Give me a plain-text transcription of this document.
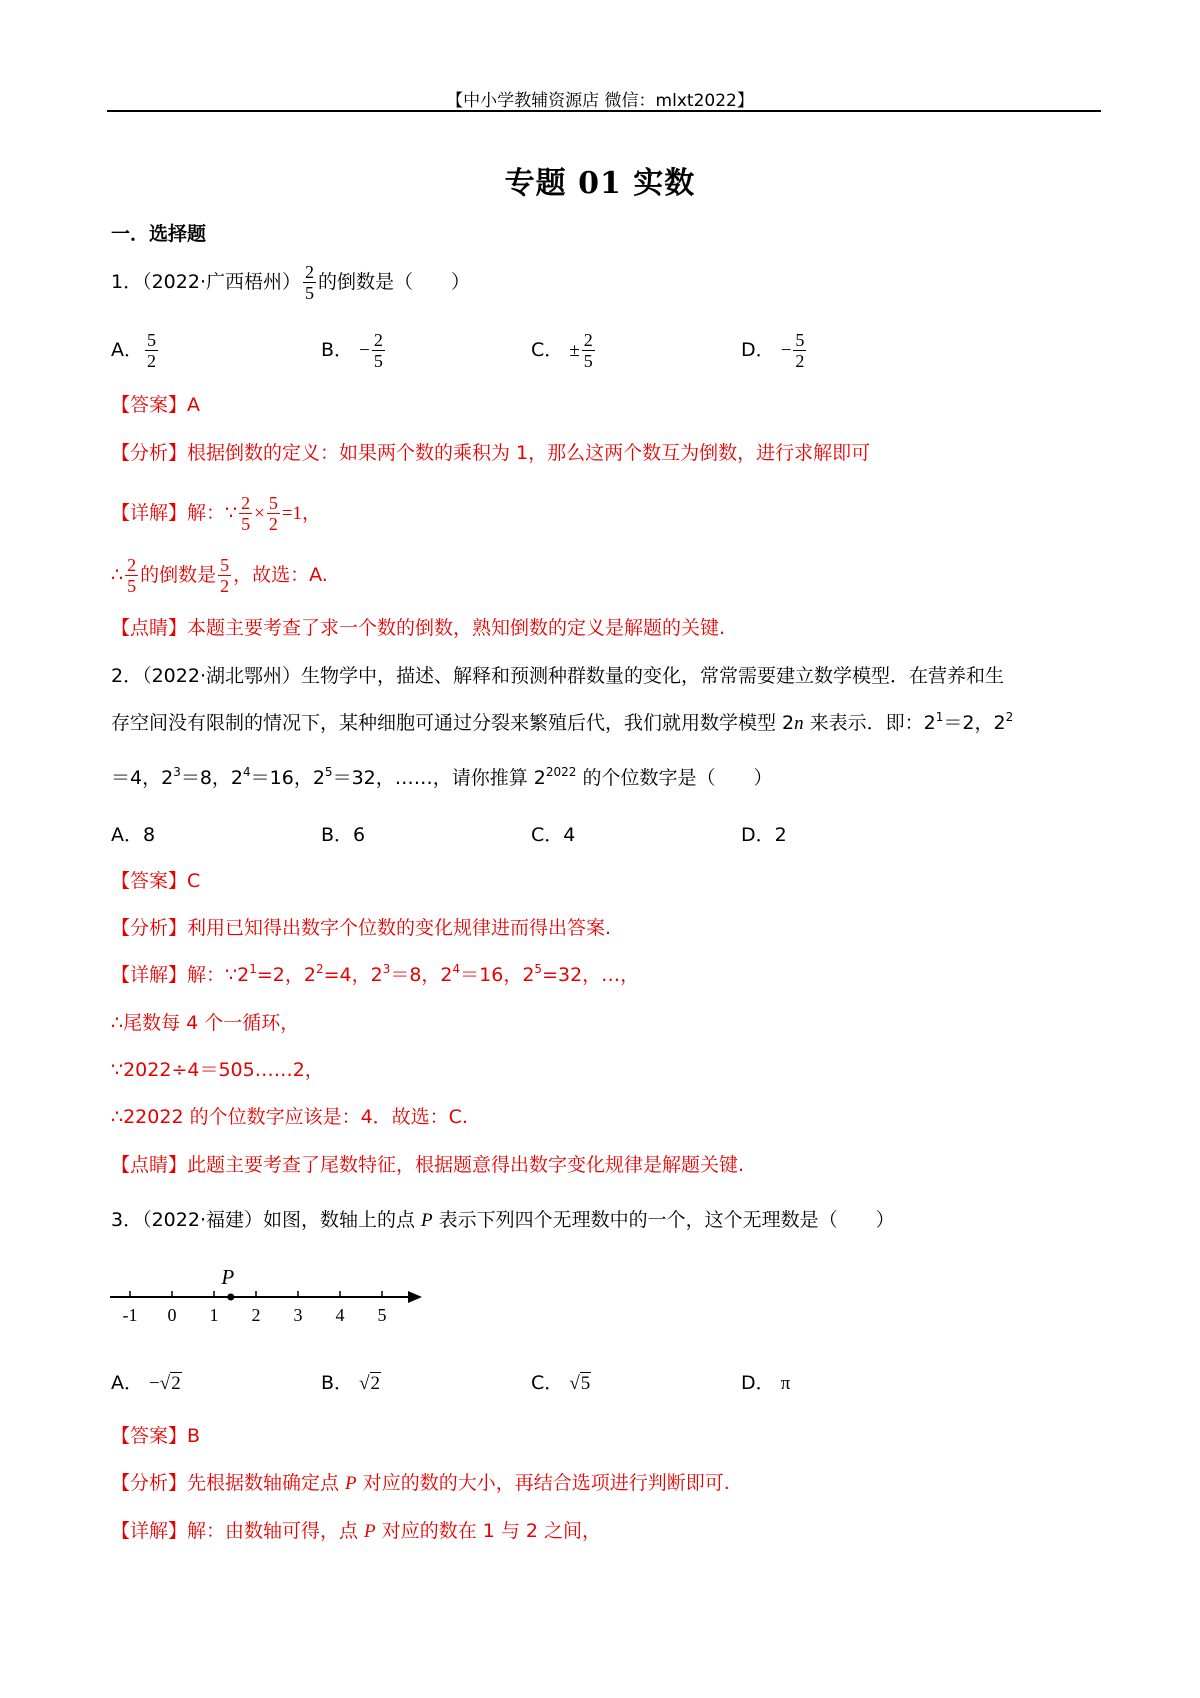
【中小学教辅资源店 微信：mlxt2022】
专题 01 实数
一．选择题
1．（2022·广西梧州） $\frac{2}{5}$ 的倒数是（　　）
A． $\frac{5}{2}$	B． − $\frac{2}{5}$	C． ± $\frac{2}{5}$	D． − $\frac{5}{2}$
【答案】A
【分析】根据倒数的定义：如果两个数的乘积为 1，那么这两个数互为倒数，进行求解即可
【详解】解：∵ $\frac{2}{5} \times \frac{5}{2} =1$，
∴ $\frac{2}{5}$ 的倒数是 $\frac{5}{2}$ ，故选：A.
【点睛】本题主要考查了求一个数的倒数，熟知倒数的定义是解题的关键.
2．（2022·湖北鄂州）生物学中，描述、解释和预测种群数量的变化，常常需要建立数学模型．在营养和生
存空间没有限制的情况下，某种细胞可通过分裂来繁殖后代，我们就用数学模型 2n 来表示．即：$2^1=2$，$2^2$
＝4，$2^3=8$，$2^4=16$，$2^5=32$，……，请你推算 $2^{2022}$ 的个位数字是（　　）
A．8	B．6	C．4	D．2
【答案】C
【分析】利用已知得出数字个位数的变化规律进而得出答案.
【详解】解：$\because 2^1=2$，$2^2=4$，$2^3=8$，$2^4=16$，$2^5=32$，…，
∴尾数每 4 个一循环，
∵2022÷4＝505……2，
∴22022 的个位数字应该是：4．故选：C.
【点睛】此题主要考查了尾数特征，根据题意得出数字变化规律是解题关键.
3．（2022·福建）如图，数轴上的点 P 表示下列四个无理数中的一个，这个无理数是（　　）
-1 0 1 2 3 4 5
P
A． −√2	B． √2	C． √5	D． π
【答案】B
【分析】先根据数轴确定点 P 对应的数的大小，再结合选项进行判断即可.
【详解】解：由数轴可得，点 P 对应的数在 1 与 2 之间，
